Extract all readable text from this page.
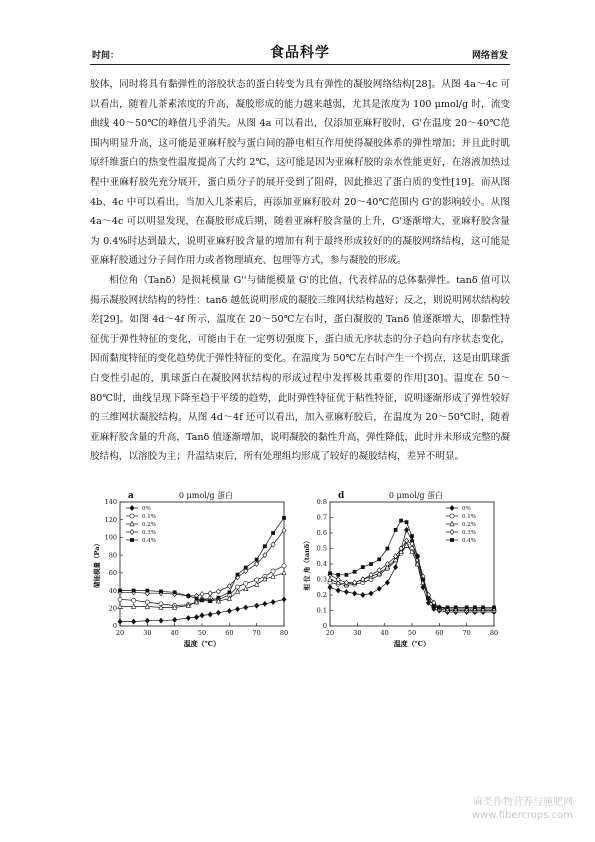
时间：	食品科学	网络首发

胶体，同时将具有黏弹性的溶胶状态的蛋白转变为具有弹性的凝胶网络结构[28]。从图 4a～4c 可以看出，随着儿茶素浓度的升高，凝胶形成的能力越来越弱，尤其是浓度为 100 μmol/g 时，流变曲线 40～50℃的峰值几乎消失。从图 4a 可以看出，仅添加亚麻籽胶时，G'在温度 20～40℃范围内明显升高，这可能是亚麻籽胶与蛋白间的静电相互作用使得凝胶体系的弹性增加；并且此时肌原纤维蛋白的热变性温度提高了大约 2℃，这可能是因为亚麻籽胶的亲水性能更好，在溶液加热过程中亚麻籽胶先充分展开，蛋白质分子的展开受到了阻碍，因此推迟了蛋白质的变性[19]。而从图 4b、4c 中可以看出，当加入儿茶素后，再添加亚麻籽胶对 20～40℃范围内 G'的影响较小。从图 4a～4c 可以明显发现，在凝胶形成后期，随着亚麻籽胶含量的上升，G'逐渐增大，亚麻籽胶含量为 0.4%时达到最大，说明亚麻籽胶含量的增加有利于最终形成较好的的凝胶网络结构，这可能是亚麻籽胶通过分子间作用力或者物理填充、包埋等方式，参与凝胶的形成。

相位角（Tanδ）是损耗模量 G''与储能模量 G'的比值，代表样品的总体黏弹性。tanδ 值可以揭示凝胶网状结构的特性：tanδ 越低说明形成的凝胶三维网状结构越好；反之，则说明网状结构较差[29]。如图 4d～4f 所示，温度在 20～50℃左右时，蛋白凝胶的 Tanδ 值逐渐增大，即黏性特征优于弹性特征的变化，可能由于在一定剪切强度下，蛋白质无序状态的分子趋向有序状态变化，因而黏度特征的变化趋势优于弹性特征的变化。在温度为 50℃左右时产生一个拐点，这是由肌球蛋白变性引起的，肌球蛋白在凝胶网状结构的形成过程中发挥极其重要的作用[30]。温度在 50～80℃时，曲线呈现下降至趋于平缓的趋势，此时弹性特征优于粘性特征，说明逐渐形成了弹性较好的三维网状凝胶结构。从图 4d～4f 还可以看出，加入亚麻籽胶后，在温度为 20～50℃时，随着亚麻籽胶含量的升高，Tanδ 值逐渐增加，说明凝胶的黏性升高，弹性降低，此时并未形成完整的凝胶结构，以溶胶为主；升温结束后，所有处理组均形成了较好的凝胶结构，差异不明显。

a	0 μmol/g 蛋白
20	30	40	50	60	70	80
0
20
40
60
80
100
120
140
温度（℃）
储能模量（Pa）
0%
0.1%
0.2%
0.3%
0.4%
d	0 μmol/g 蛋白
20	30	40	50	60	70	80
0
0.1
0.2
0.3
0.4
0.5
0.6
0.7
0.8
温度（℃）
相 位 角（tanδ）
0%
0.1%
0.2%
0.3%
0.4%
麻类作物营养与施肥网
www.fibercrops.com
